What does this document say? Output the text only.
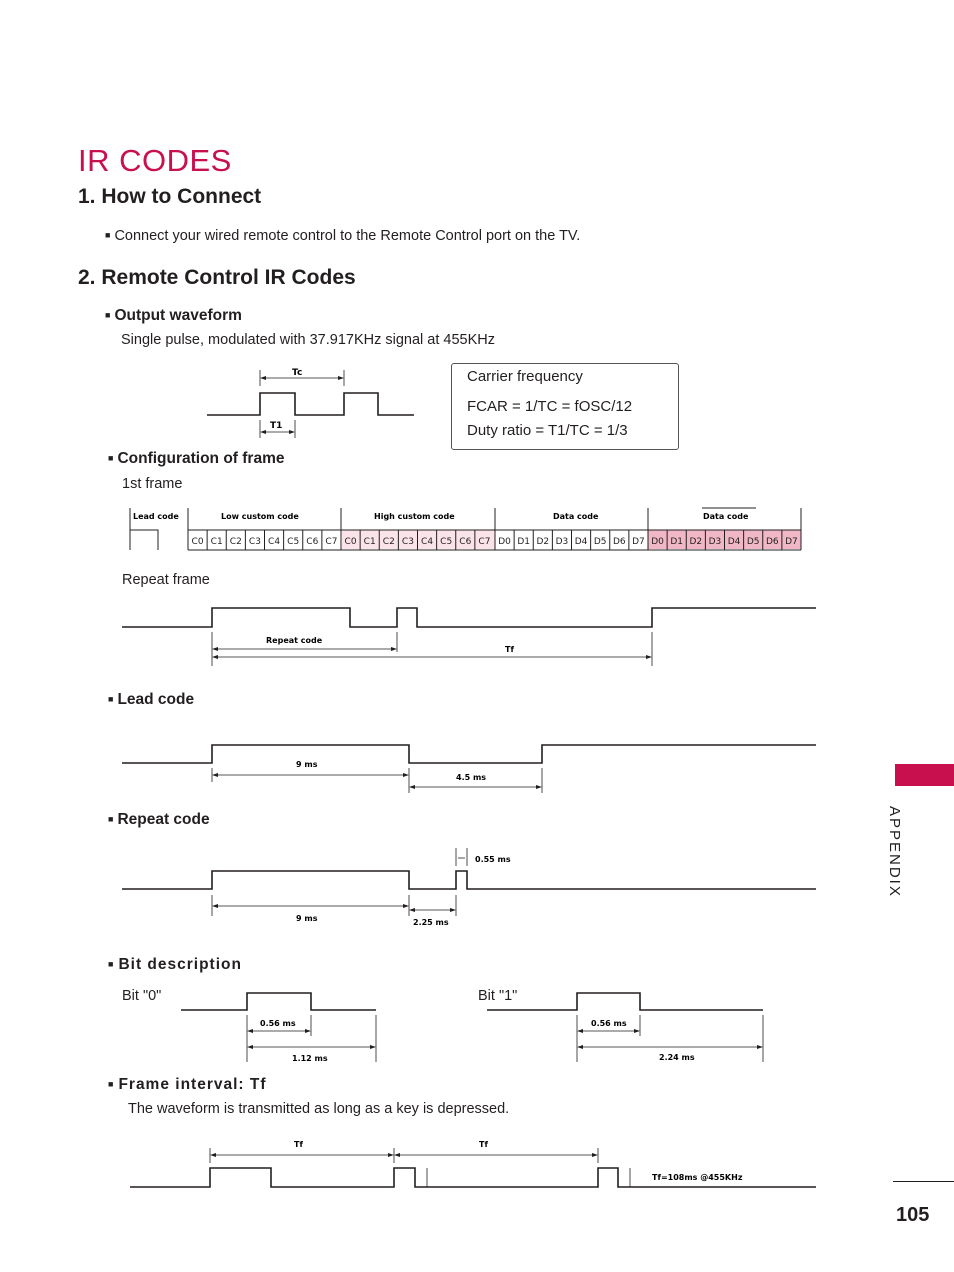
IR CODES
1. How to Connect
■ Connect your wired remote control to the Remote Control port on the TV.
2. Remote Control IR Codes
■ Output waveform
Single pulse, modulated with 37.917KHz signal at 455KHz
Tc
T1
Lead code	Low custom code	High custom code	Data code	Data code
C0 C1 C2 C3 C4 C5 C6 C7 C0 C1 C2 C3 C4 C5 C6 C7 D0 D1 D2 D3 D4 D5 D6 D7 D0 D1 D2 D3 D4 D5 D6 D7
Repeat code
Tf
9 ms
4.5 ms
0.55 ms
9 ms	2.25 ms
0.56 ms
1.12 ms
0.56 ms
2.24 ms
Tf	Tf
Tf=108ms @455KHz
Carrier frequency
FCAR = 1/TC = fOSC/12
Duty ratio = T1/TC = 1/3
■ Configuration of frame
1st frame
Repeat frame
■ Lead code
■ Repeat code
■ Bit description
Bit "0"	Bit "1"
■ Frame interval: Tf
The waveform is transmitted as long as a key is depressed.
APPENDIX
105
